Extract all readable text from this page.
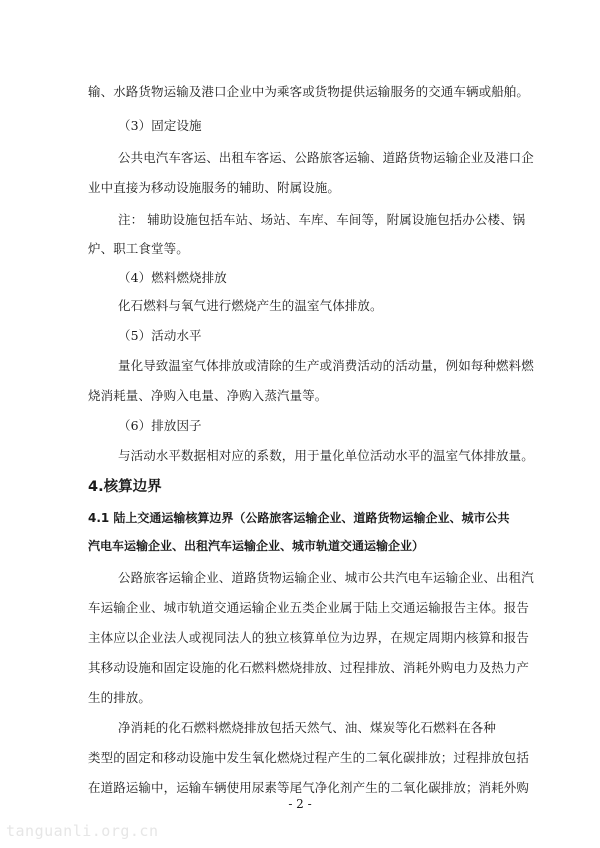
输、水路货物运输及港口企业中为乘客或货物提供运输服务的交通车辆或船舶。
（3）固定设施
公共电汽车客运、出租车客运、公路旅客运输、道路货物运输企业及港口企
业中直接为移动设施服务的辅助、附属设施。
注： 辅助设施包括车站、场站、车库、车间等，附属设施包括办公楼、锅
炉、职工食堂等。
（4）燃料燃烧排放
化石燃料与氧气进行燃烧产生的温室气体排放。
（5）活动水平
量化导致温室气体排放或清除的生产或消费活动的活动量，例如每种燃料燃
烧消耗量、净购入电量、净购入蒸汽量等。
（6）排放因子
与活动水平数据相对应的系数，用于量化单位活动水平的温室气体排放量。
4.核算边界
4.1 陆上交通运输核算边界（公路旅客运输企业、道路货物运输企业、城市公共
汽电车运输企业、出租汽车运输企业、城市轨道交通运输企业）
公路旅客运输企业、道路货物运输企业、城市公共汽电车运输企业、出租汽
车运输企业、城市轨道交通运输企业五类企业属于陆上交通运输报告主体。报告
主体应以企业法人或视同法人的独立核算单位为边界，在规定周期内核算和报告
其移动设施和固定设施的化石燃料燃烧排放、过程排放、消耗外购电力及热力产
生的排放。
净消耗的化石燃料燃烧排放包括天然气、油、煤炭等化石燃料在各种
类型的固定和移动设施中发生氧化燃烧过程产生的二氧化碳排放；过程排放包括
在道路运输中，运输车辆使用尿素等尾气净化剂产生的二氧化碳排放；消耗外购
- 2 -
tanguanli.org.cn
